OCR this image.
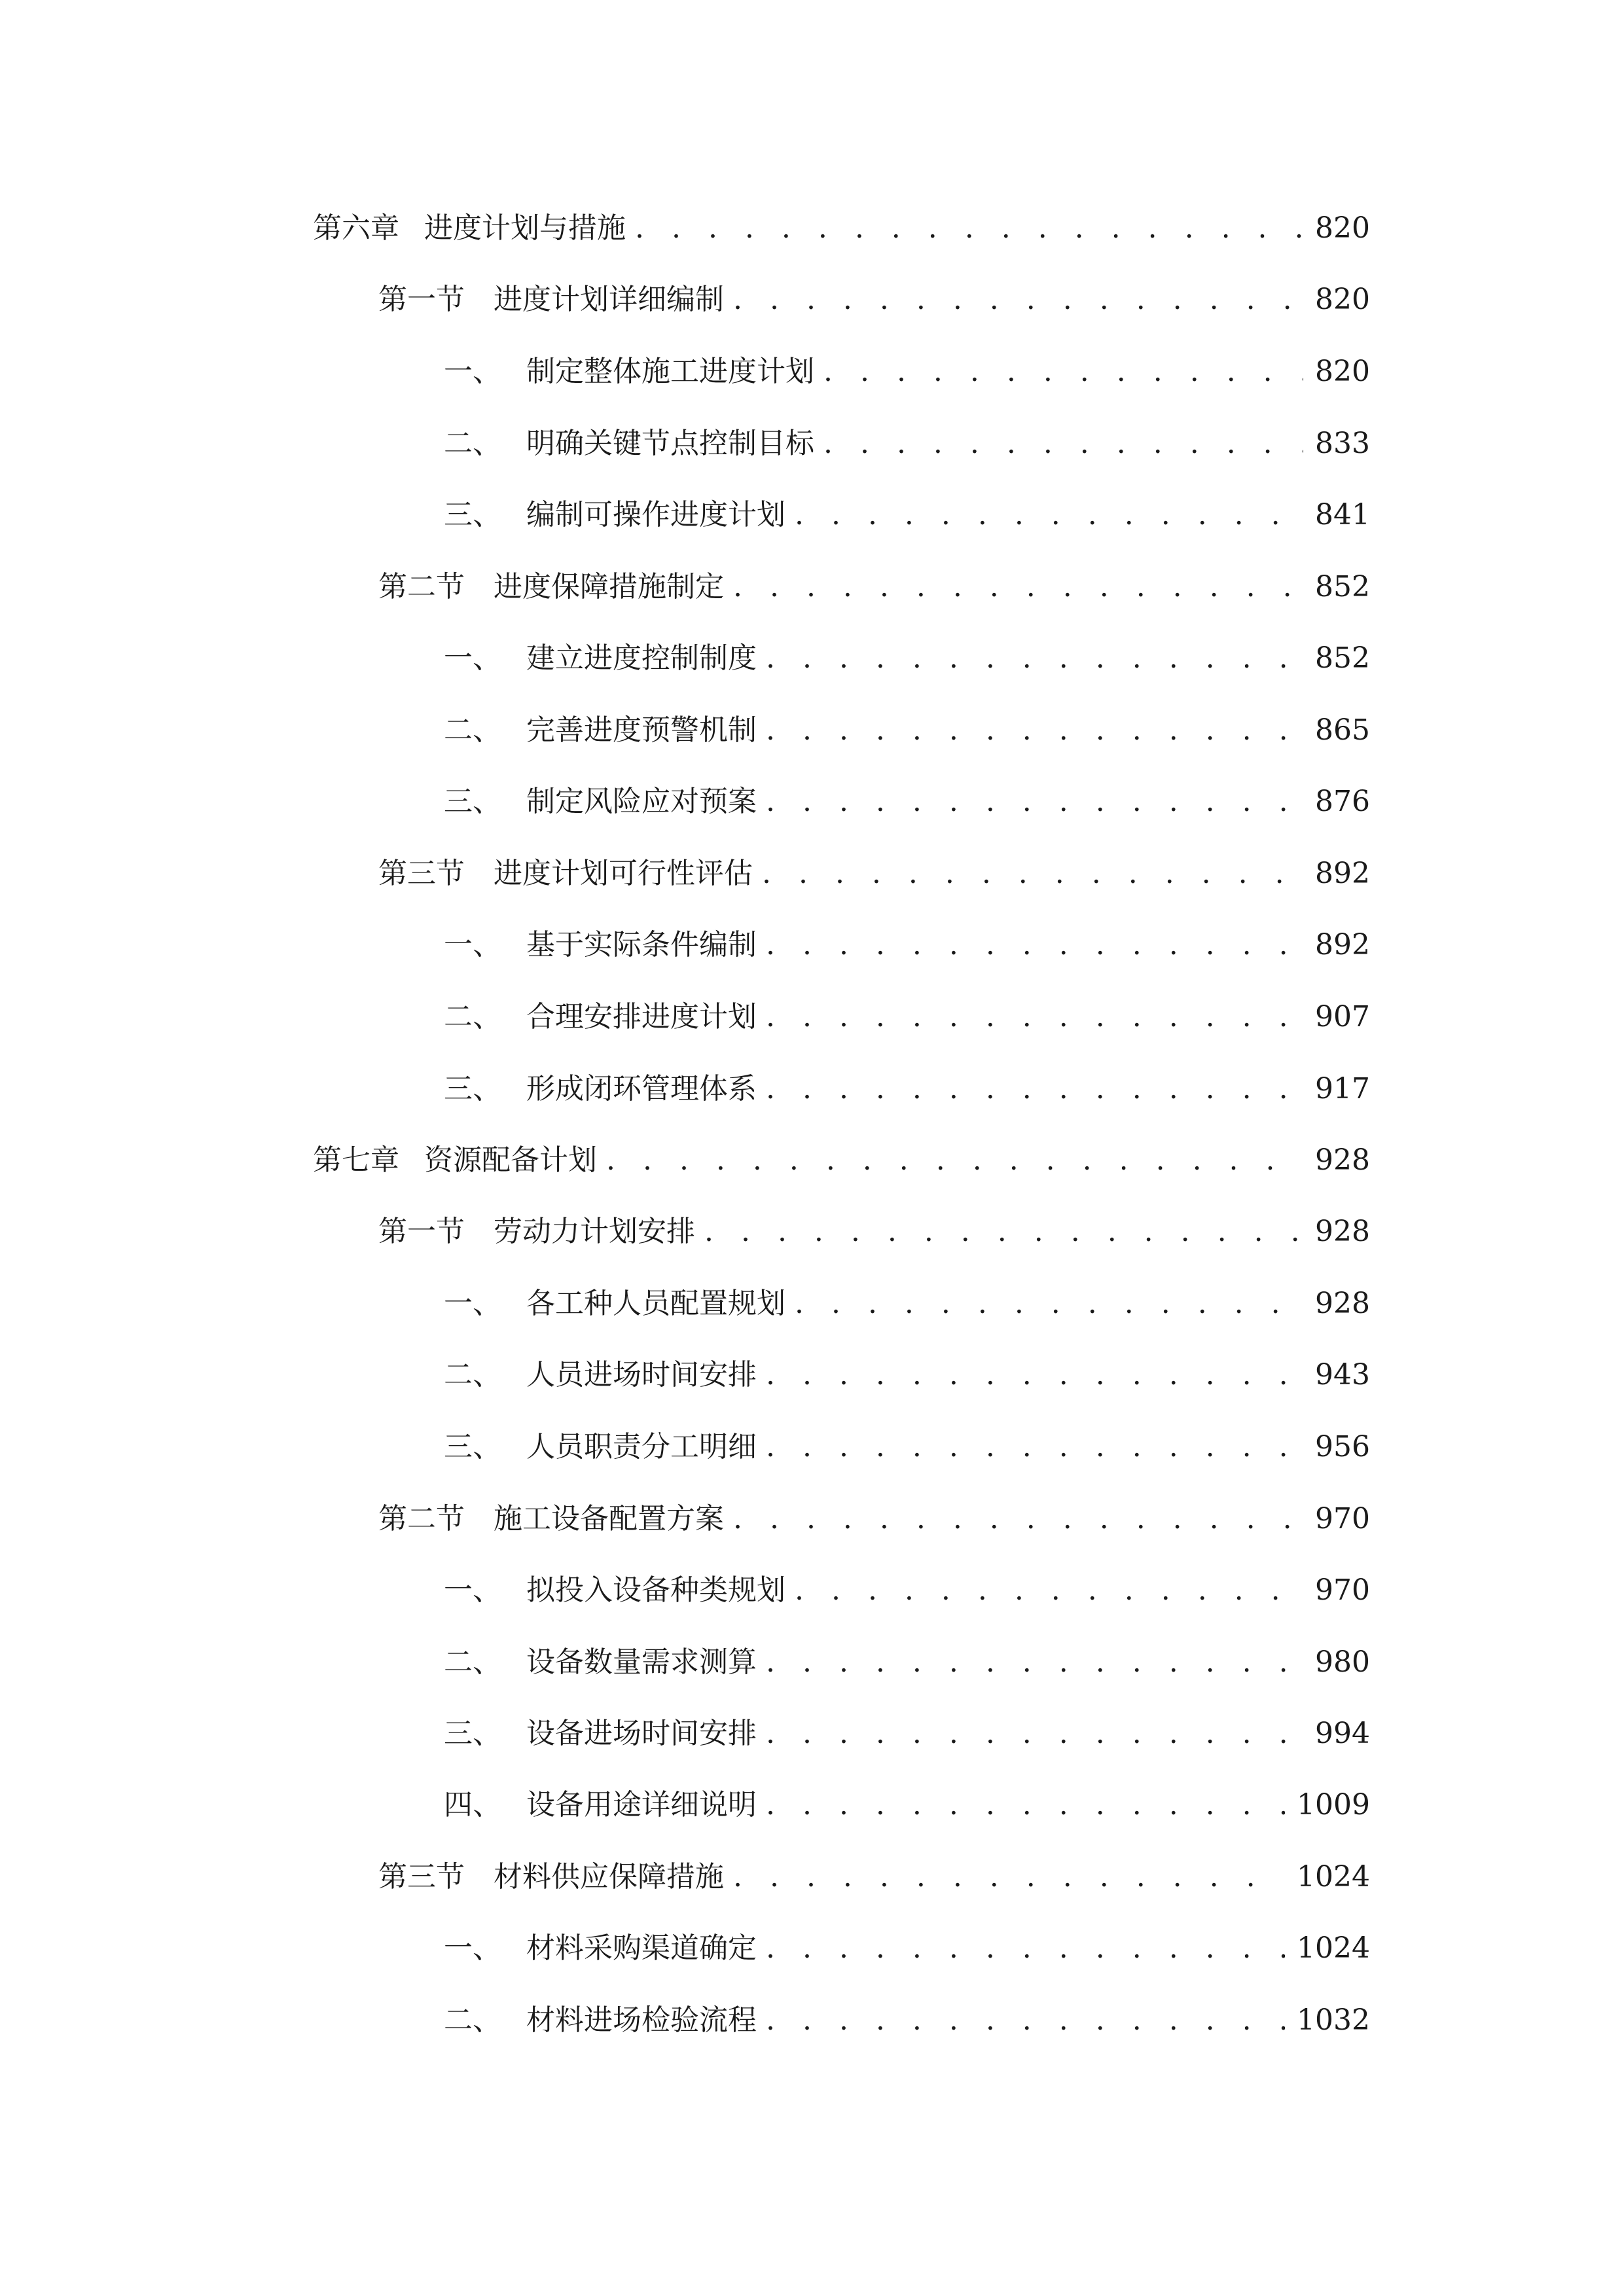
第六章 进度计划与措施 . . .	820
第一节	进度计划详细编制 . . .	820
一、 制定整体施工进度计划 . . .	820
二、 明确关键节点控制目标 . . .	833
三、 编制可操作进度计划 . . .	841
第二节	进度保障措施制定 . . .	852
一、 建立进度控制制度 . . .	852
二、 完善进度预警机制 . . .	865
三、 制定风险应对预案 . . .	876
第三节	进度计划可行性评估 . . .	892
一、 基于实际条件编制 . . .	892
二、 合理安排进度计划 . . .	907
三、 形成闭环管理体系 . . .	917
第七章 资源配备计划 . . .	928
第一节	劳动力计划安排 . . .	928
一、 各工种人员配置规划 . . .	928
二、 人员进场时间安排 . . .	943
三、 人员职责分工明细 . . .	956
第二节	施工设备配置方案 . . .	970
一、 拟投入设备种类规划 . . .	970
二、 设备数量需求测算 . . .	980
三、 设备进场时间安排 . . .	994
四、 设备用途详细说明 . . .	1009
第三节	材料供应保障措施 . . .	1024
一、 材料采购渠道确定 . . .	1024
二、 材料进场检验流程 . . .	1032
